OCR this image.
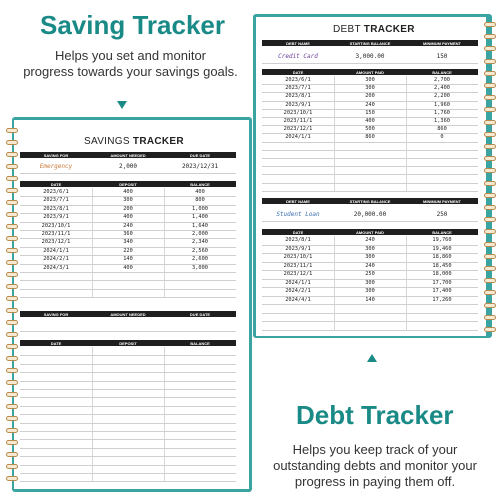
Saving Tracker
Helps you set and monitor
progress towards your savings goals.
SAVINGS TRACKER
SAVING FOR	AMOUNT NEEDED	DUE DATE
Emergency	2,000	2023/12/31
DATE	DEPOSIT	BALANCE
2023/6/1	400	400
2023/7/1	300	800
2023/8/1	200	1,000
2023/9/1	400	1,400
2023/10/1	240	1,640
2023/11/1	360	2,000
2023/12/1	340	2,340
2024/1/1	220	2,560
2024/2/1	140	2,600
2024/3/1	400	3,000
SAVING FOR	AMOUNT NEEDED	DUE DATE
DATE	DEPOSIT	BALANCE
DEBT TRACKER
DEBT NAME	STARTING BALANCE	MINIMUM PAYMENT
Credit Card	3,000.00	150
DATE	AMOUNT PAID	BALANCE
2023/6/1	300	2,700
2023/7/1	300	2,400
2023/8/1	200	2,200
2023/9/1	240	1,960
2023/10/1	150	1,760
2023/11/1	400	1,360
2023/12/1	500	860
2024/1/1	860	0
DEBT NAME	STARTING BALANCE	MINIMUM PAYMENT
Student Loan	20,000.00	250
DATE	AMOUNT PAID	BALANCE
2023/8/1	240	19,760
2023/9/1	300	19,460
2023/10/1	300	18,860
2023/11/1	240	18,450
2023/12/1	250	18,000
2024/1/1	300	17,700
2024/2/1	300	17,400
2024/4/1	140	17,260
Debt Tracker
Helps you keep track of your
outstanding debts and monitor your
progress in paying them off.
